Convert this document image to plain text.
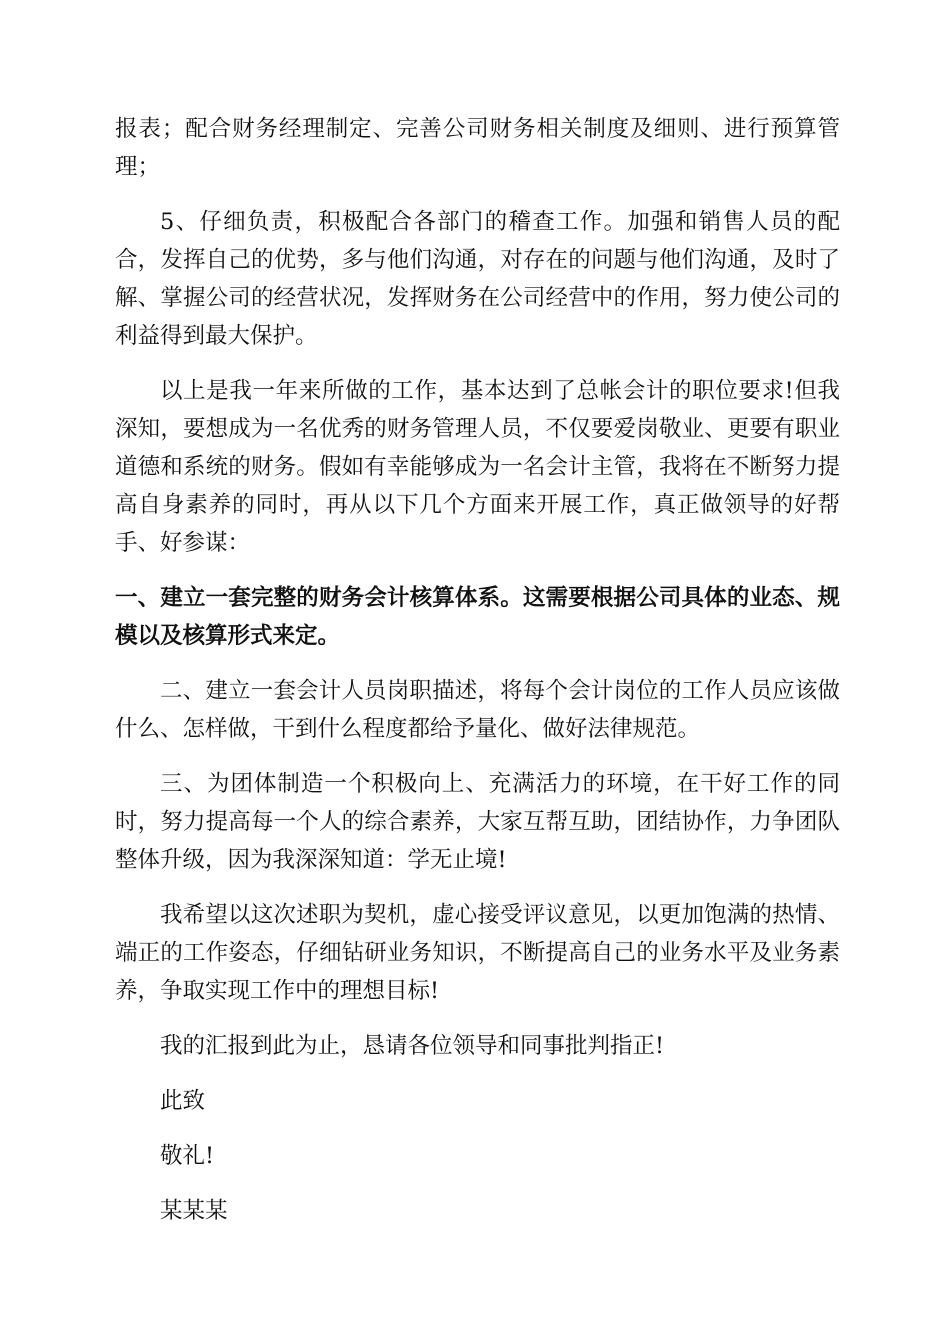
报表；配合财务经理制定、完善公司财务相关制度及细则、进行预算管理；

5、仔细负责，积极配合各部门的稽查工作。加强和销售人员的配合，发挥自己的优势，多与他们沟通，对存在的问题与他们沟通，及时了解、掌握公司的经营状况，发挥财务在公司经营中的作用，努力使公司的利益得到最大保护。

以上是我一年来所做的工作，基本达到了总帐会计的职位要求!但我深知，要想成为一名优秀的财务管理人员，不仅要爱岗敬业、更要有职业道德和系统的财务。假如有幸能够成为一名会计主管，我将在不断努力提高自身素养的同时，再从以下几个方面来开展工作，真正做领导的好帮手、好参谋：

一、建立一套完整的财务会计核算体系。这需要根据公司具体的业态、规模以及核算形式来定。

二、建立一套会计人员岗职描述，将每个会计岗位的工作人员应该做什么、怎样做，干到什么程度都给予量化、做好法律规范。

三、为团体制造一个积极向上、充满活力的环境，在干好工作的同时，努力提高每一个人的综合素养，大家互帮互助，团结协作，力争团队整体升级，因为我深深知道：学无止境!

我希望以这次述职为契机，虚心接受评议意见，以更加饱满的热情、端正的工作姿态，仔细钻研业务知识，不断提高自己的业务水平及业务素养，争取实现工作中的理想目标!

我的汇报到此为止，恳请各位领导和同事批判指正!

此致

敬礼!

某某某
